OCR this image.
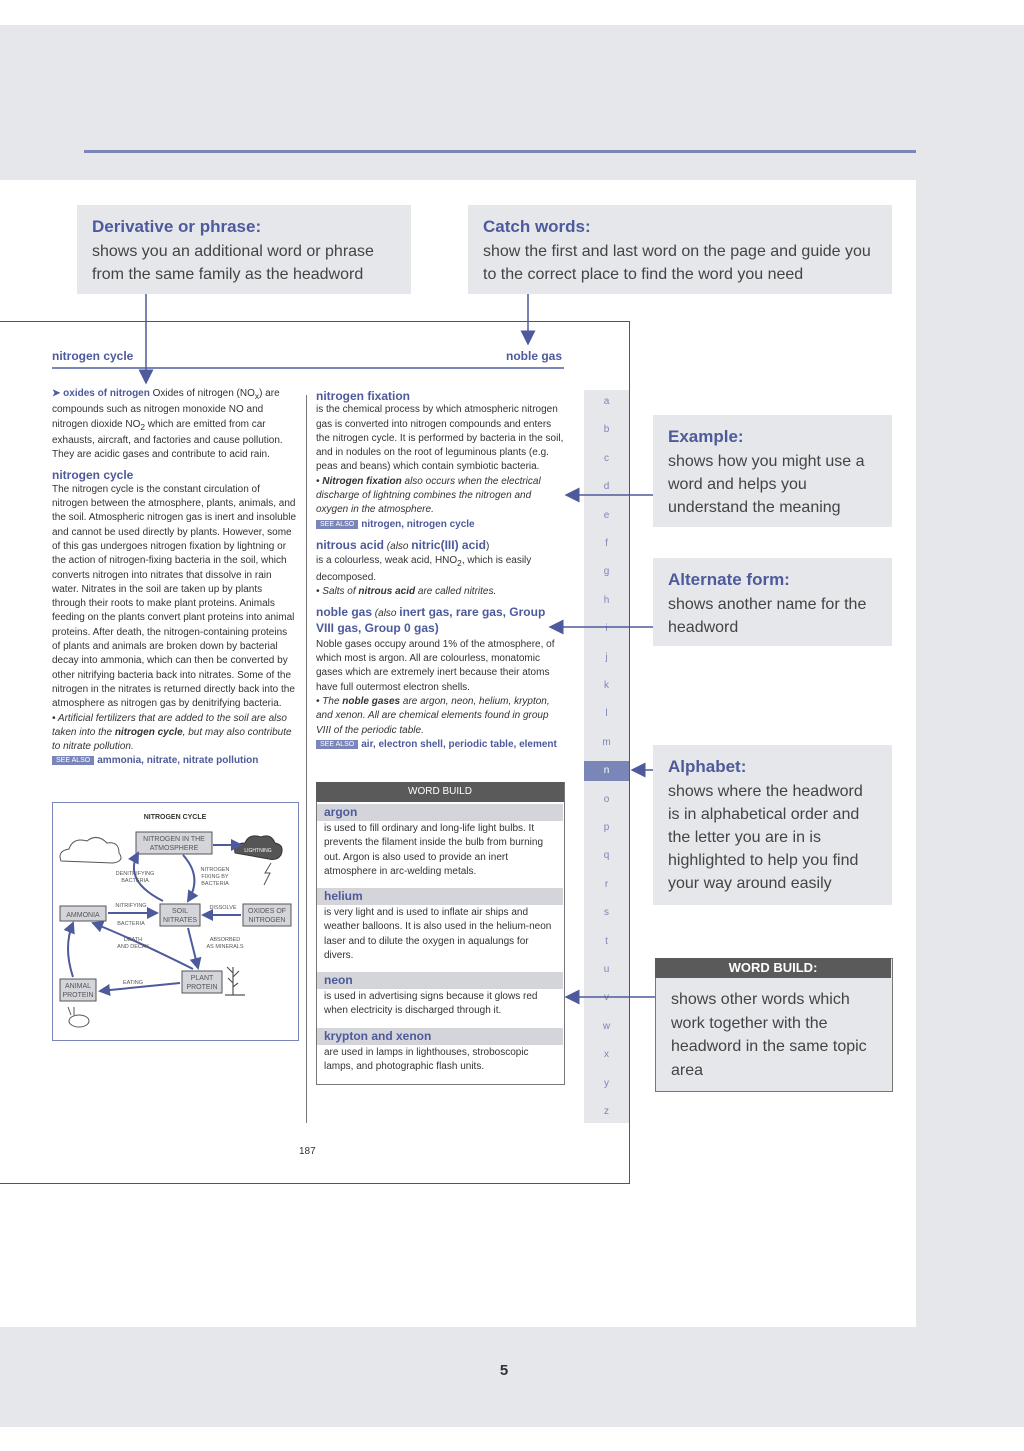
Derivative or phrase:

shows you an additional word or phrase from the same family as the headword

Catch words:

show the first and last word on the page and guide you to the correct place to find the word you need

Example:

shows how you might use a word and helps you understand the meaning

Alternate form:

shows another name for the headword

Alphabet:

shows where the headword is in alphabetical order and the letter you are in is highlighted to help you find your way around easily

nitrogen cycle	noble gas
➤ oxides of nitrogen Oxides of nitrogen $(NO_x)$ are compounds such as nitrogen monoxide NO and nitrogen dioxide $NO_2$ which are emitted from car exhausts, aircraft, and factories and cause pollution. They are acidic gases and contribute to acid rain.
nitrogen cycle
The nitrogen cycle is the constant circulation of nitrogen between the atmosphere, plants, animals, and the soil. Atmospheric nitrogen gas is inert and insoluble and cannot be used directly by plants. However, some of this gas undergoes nitrogen fixation by lightning or the action of nitrogen-fixing bacteria in the soil, which converts nitrogen into nitrates that dissolve in rain water. Nitrates in the soil are taken up by plants through their roots to make plant proteins. Animals feeding on the plants convert plant proteins into animal proteins. After death, the nitrogen-containing proteins of plants and animals are broken down by bacterial decay into ammonia, which can then be converted by other nitrifying bacteria back into nitrates. Some of the nitrogen in the nitrates is returned directly back into the atmosphere as nitrogen gas by denitrifying bacteria.
• Artificial fertilizers that are added to the soil are also taken into the nitrogen cycle, but may also contribute to nitrate pollution.
SEE ALSO ammonia, nitrate, nitrate pollution
NITROGEN CYCLE
LIGHTNING
NITROGEN IN THE
ATMOSPHERE
AMMONIA
SOIL
NITRATES
OXIDES OF
NITROGEN
ANIMAL
PROTEIN
PLANT
PROTEIN
DENITRIFYING
BACTERIA
NITROGEN
FIXING BY
BACTERIA
NITRIFYING
BACTERIA
DISSOLVE
DEATH
AND DECAY
ABSORBED
AS MINERALS
EATING
nitrogen fixation
is the chemical process by which atmospheric nitrogen gas is converted into nitrogen compounds and enters the nitrogen cycle. It is performed by bacteria in the soil, and in nodules on the root of leguminous plants (e.g. peas and beans) which contain symbiotic bacteria.
• Nitrogen fixation also occurs when the electrical discharge of lightning combines the nitrogen and oxygen in the atmosphere.
SEE ALSO nitrogen, nitrogen cycle
nitrous acid (also nitric(III) acid)
is a colourless, weak acid, $HNO_2$, which is easily decomposed.
• Salts of nitrous acid are called nitrites.
noble gas (also inert gas, rare gas, Group VIII gas, Group 0 gas)
Noble gases occupy around 1% of the atmosphere, of which most is argon. All are colourless, monatomic gases which are extremely inert because their atoms have full outermost electron shells.
• The noble gases are argon, neon, helium, krypton, and xenon. All are chemical elements found in group VIII of the periodic table.
SEE ALSO air, electron shell, periodic table, element
WORD BUILD
argon
is used to fill ordinary and long-life light bulbs. It prevents the filament inside the bulb from burning out. Argon is also used to provide an inert atmosphere in arc-welding metals.
helium
is very light and is used to inflate air ships and weather balloons. It is also used in the helium-neon laser and to dilute the oxygen in aqualungs for divers.
neon
is used in advertising signs because it glows red when electricity is discharged through it.
krypton and xenon
are used in lamps in lighthouses, stroboscopic lamps, and photographic flash units.
a
b
c
d
e
f
g
h
i
j
k
l
m
n
o
p
q
r
s
t
u
v
w
x
y
z
187
WORD BUILD:
shows other words which work together with the headword in the same topic area
5
